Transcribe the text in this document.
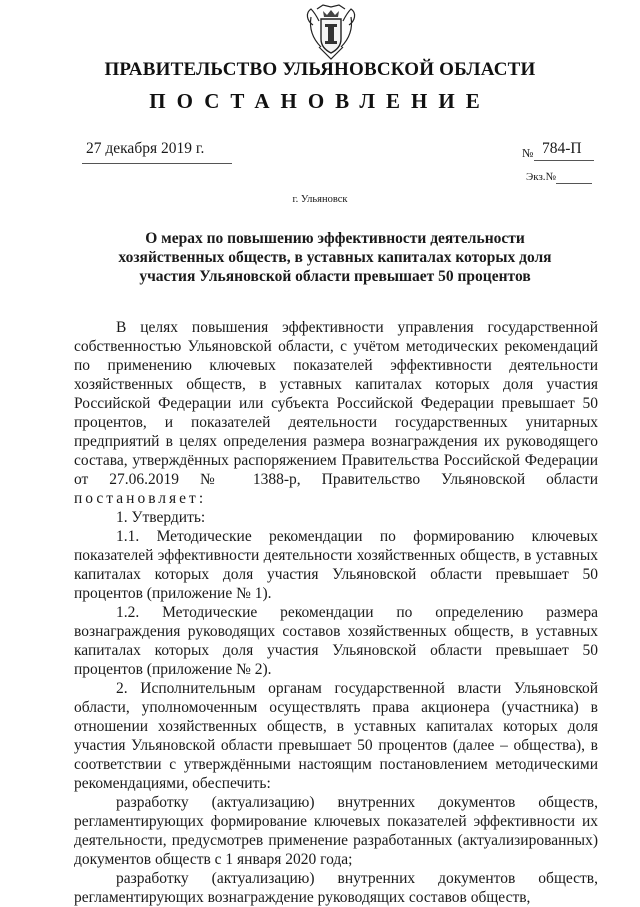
ПРАВИТЕЛЬСТВО УЛЬЯНОВСКОЙ ОБЛАСТИ
ПОСТАНОВЛЕНИЕ
27 декабря 2019 г.	№ 784-П
Экз.№
г. Ульяновск
О мерах по повышению эффективности деятельности хозяйственных обществ, в уставных капиталах которых доля участия Ульяновской области превышает 50 процентов

В целях повышения эффективности управления государственной собственностью Ульяновской области, с учётом методических рекомендаций по применению ключевых показателей эффективности деятельности хозяйственных обществ, в уставных капиталах которых доля участия Российской Федерации или субъекта Российской Федерации превышает 50 процентов, и показателей деятельности государственных унитарных предприятий в целях определения размера вознаграждения их руководящего состава, утверждённых распоряжением Правительства Российской Федерации от 27.06.2019 № 1388-р, Правительство Ульяновской области постановляет:

1. Утвердить:

1.1. Методические рекомендации по формированию ключевых показателей эффективности деятельности хозяйственных обществ, в уставных капиталах которых доля участия Ульяновской области превышает 50 процентов (приложение № 1).

1.2. Методические рекомендации по определению размера вознаграждения руководящих составов хозяйственных обществ, в уставных капиталах которых доля участия Ульяновской области превышает 50 процентов (приложение № 2).

2. Исполнительным органам государственной власти Ульяновской области, уполномоченным осуществлять права акционера (участника) в отношении хозяйственных обществ, в уставных капиталах которых доля участия Ульяновской области превышает 50 процентов (далее – общества), в соответствии с утверждёнными настоящим постановлением методическими рекомендациями, обеспечить:

разработку (актуализацию) внутренних документов обществ, регламентирующих формирование ключевых показателей эффективности их деятельности, предусмотрев применение разработанных (актуализированных) документов обществ с 1 января 2020 года;

разработку (актуализацию) внутренних документов обществ, регламентирующих вознаграждение руководящих составов обществ,
